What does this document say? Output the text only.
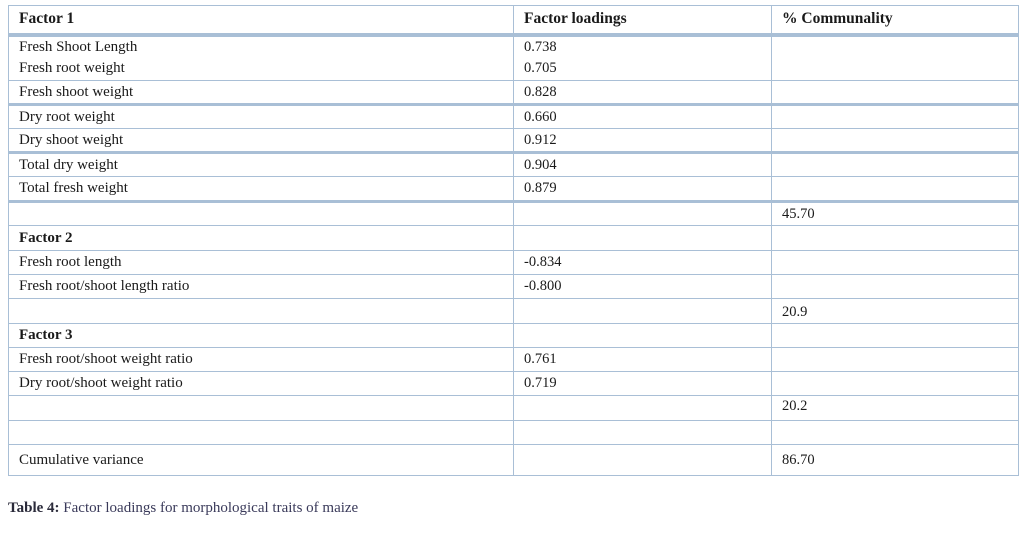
Factor 1	Factor loadings	% Communality
Fresh Shoot Length	0.738	
Fresh root weight	0.705	
Fresh shoot weight	0.828	
Dry root weight	0.660	
Dry shoot weight	0.912	
Total dry weight	0.904	
Total fresh weight	0.879	
		45.70
Factor 2		
Fresh root length	-0.834	
Fresh root/shoot length ratio	-0.800	
		20.9
Factor 3		
Fresh root/shoot weight ratio	0.761	
Dry root/shoot weight ratio	0.719	
		20.2

Cumulative variance		86.70
Table 4: Factor loadings for morphological traits of maize
